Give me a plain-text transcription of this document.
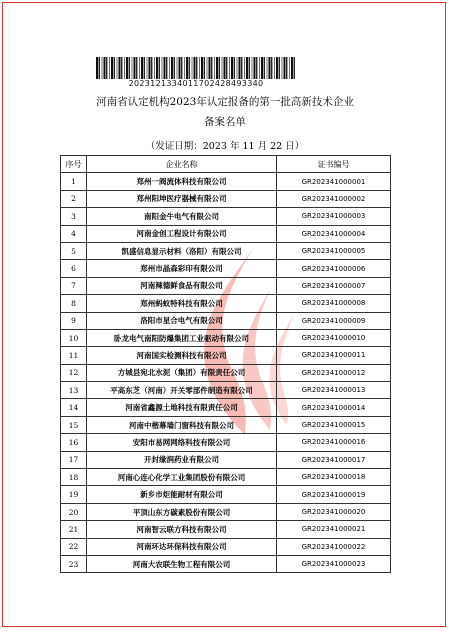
20231213340117024284933​40
河南省认定机构2023年认定报备的第一批高新技术企业
备案名单
（发证日期：2023 年 11 月 22 日）
序号	企业名称	证书编号
1	郑州一阀流体科技有限公司	GR202341000001
2	郑州阳坤医疗器械有限公司	GR202341000002
3	南阳金牛电气有限公司	GR202341000003
4	河南金创工程设计有限公司	GR202341000004
5	凯盛信息显示材料（洛阳）有限公司	GR202341000005
6	郑州市晶森彩印有限公司	GR202341000006
7	河南辣德鲜食品有限公司	GR202341000007
8	郑州蚂蚁特科技有限公司	GR202341000008
9	洛阳市星合电气有限公司	GR202341000009
10	卧龙电气南阳防爆集团工业驱动有限公司	GR202341000010
11	河南国实检测科技有限公司	GR202341000011
12	方城县宛北水泥（集团）有限责任公司	GR202341000012
13	平高东芝（河南）开关零部件制造有限公司	GR202341000013
14	河南省鑫源土地科技有限责任公司	GR202341000014
15	河南中楷幕墙门窗科技有限公司	GR202341000015
16	安阳市易网网络科技有限公司	GR202341000016
17	开封缘润药业有限公司	GR202341000017
18	河南心连心化学工业集团股份有限公司	GR202341000018
19	新乡市炬能耐材有限公司	GR202341000019
20	平顶山东方碳素股份有限公司	GR202341000020
21	河南智云联方科技有限公司	GR202341000021
22	河南环达环保科技有限公司	GR202341000022
23	河南大农联生物工程有限公司	GR202341000023
